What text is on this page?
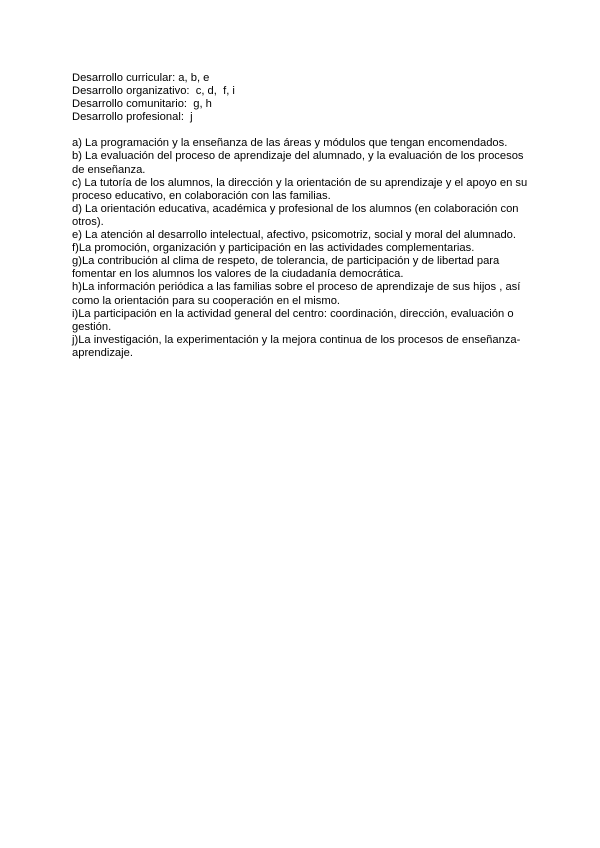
Desarrollo curricular: a, b, e
Desarrollo organizativo:  c, d,  f, i
Desarrollo comunitario:  g, h
Desarrollo profesional:  j

a) La programación y la enseñanza de las áreas y módulos que tengan encomendados.

b) La evaluación del proceso de aprendizaje del alumnado, y la evaluación de los procesos de enseñanza.

c) La tutoría de los alumnos, la dirección y la orientación de su aprendizaje y el apoyo en su proceso educativo, en colaboración con las familias.

d) La orientación educativa, académica y profesional de los alumnos (en colaboración con otros).

e) La atención al desarrollo intelectual, afectivo, psicomotriz, social y moral del alumnado.

f)La promoción, organización y participación en las actividades complementarias.

g)La contribución al clima de respeto, de tolerancia, de participación y de libertad para fomentar en los alumnos los valores de la ciudadanía democrática.

h)La información periódica a las familias sobre el proceso de aprendizaje de sus hijos , así como la orientación para su cooperación en el mismo.

i)La participación en la actividad general del centro: coordinación, dirección, evaluación o gestión.

j)La investigación, la experimentación y la mejora continua de los procesos de enseñanza-aprendizaje.
